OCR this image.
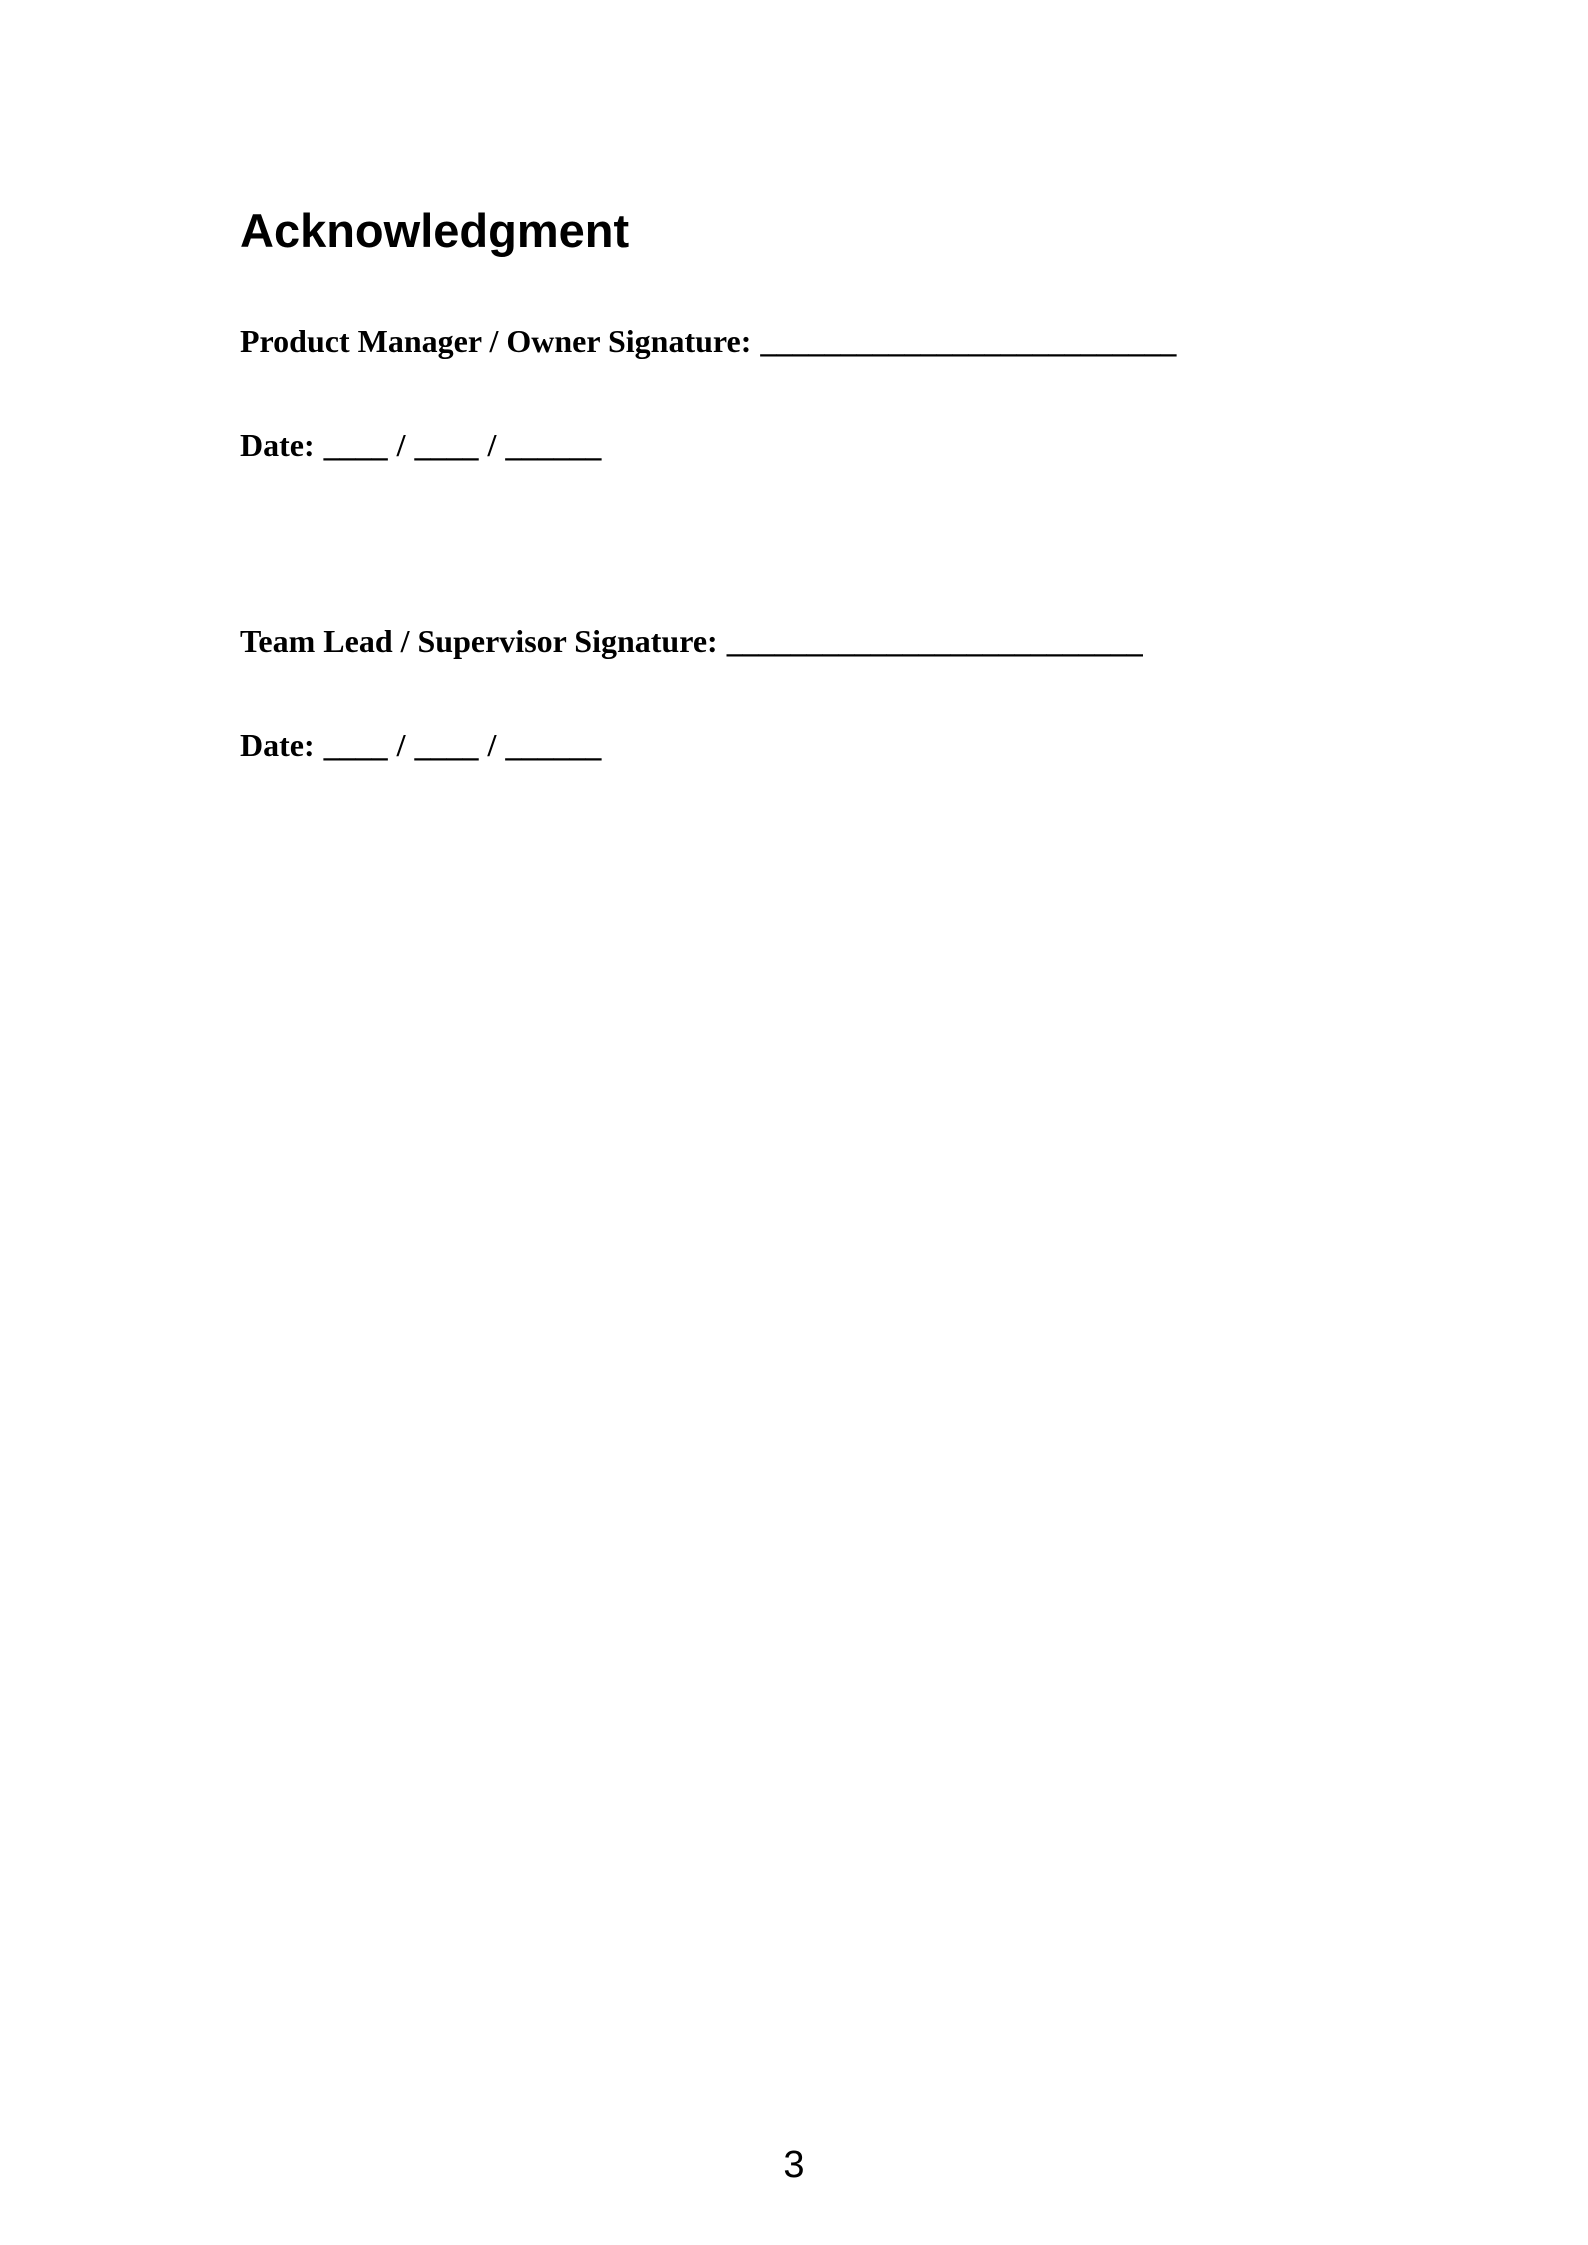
Acknowledgment

Product Manager / Owner Signature: __________________________

Date: ____ / ____ / ______

Team Lead / Supervisor Signature: __________________________

Date: ____ / ____ / ______

3
